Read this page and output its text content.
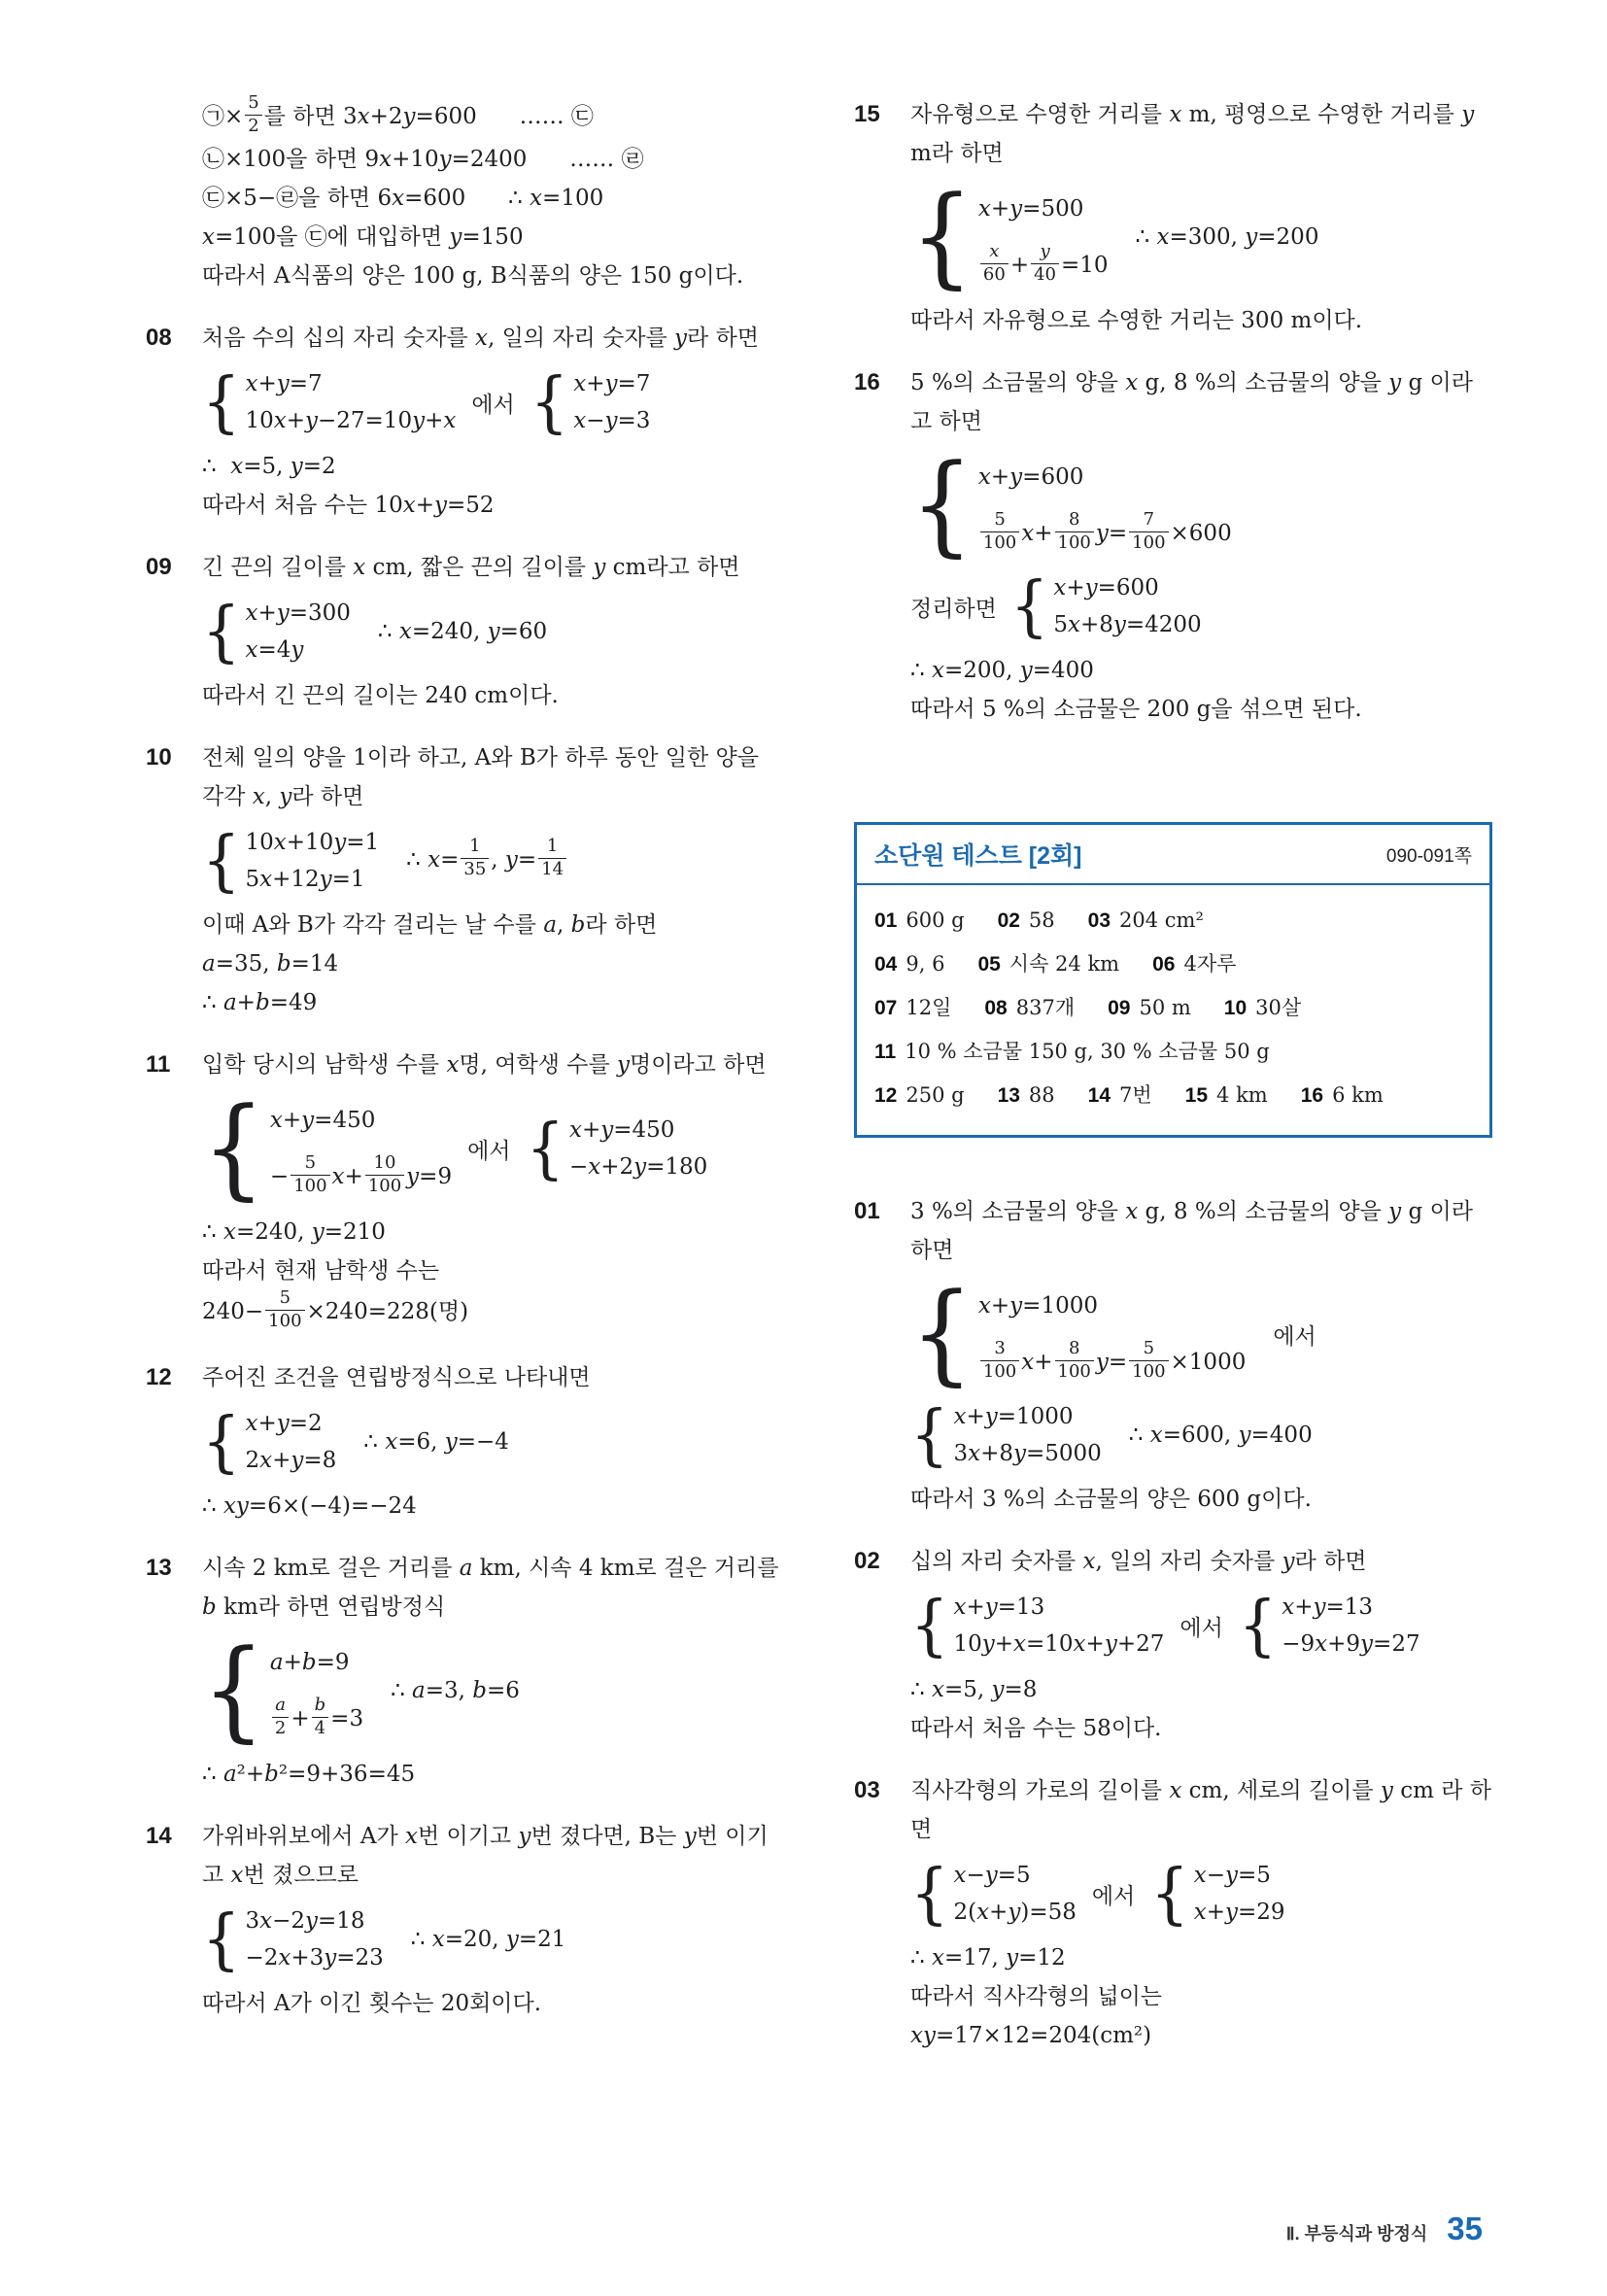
㉠× $\frac{5}{2}$ 를 하면 3x+2y=600      …… ㉢
㉡×100을 하면 9x+10y=2400      …… ㉣
㉢×5−㉣을 하면 6x=600      ∴ x=100
x=100을 ㉢에 대입하면 y=150
따라서 A식품의 양은 100 g, B식품의 양은 150 g이다.
08	처음 수의 십의 자리 숫자를 x, 일의 자리 숫자를 y라 하면
{ x+y=7
10x+y−27=10y+x
에서 { x+y=7
x−y=3
∴  x=5, y=2
따라서 처음 수는 10x+y=52
09	긴 끈의 길이를 x cm, 짧은 끈의 길이를 y cm라고 하면
{ x+y=300
x=4y
∴ x=240, y=60
따라서 긴 끈의 길이는 240 cm이다.
10	전체 일의 양을 1이라 하고, A와 B가 하루 동안 일한 양을 각각 x, y라 하면
{ 10x+10y=1
5x+12y=1
∴ $x= \frac{1}{35}$ , $y= \frac{1}{14}$
이때 A와 B가 각각 걸리는 날 수를 a, b라 하면
a=35, b=14
∴ a+b=49
11	입학 당시의 남학생 수를 x명, 여학생 수를 y명이라고 하면
{ x+y=450
− $\frac{5}{100} x+ \frac{10}{100} y=9$
에서 { x+y=450
−x+2y=180
∴ x=240, y=210
따라서 현재 남학생 수는
$240- \frac{5}{100} \times 240=228$(명)
12	주어진 조건을 연립방정식으로 나타내면
{ x+y=2
2x+y=8
∴ x=6, y=−4
∴ xy=6×(−4)=−24
13	시속 2 km로 걸은 거리를 a km, 시속 4 km로 걸은 거리를 b km라 하면 연립방정식
{ a+b=9
$\frac{a}{2} + \frac{b}{4} =3$
∴ a=3, b=6
∴ a²+b²=9+36=45
14	가위바위보에서 A가 x번 이기고 y번 졌다면, B는 y번 이기고 x번 졌으므로
{ 3x−2y=18
−2x+3y=23
∴ x=20, y=21
따라서 A가 이긴 횟수는 20회이다.
15	자유형으로 수영한 거리를 x m, 평영으로 수영한 거리를 y m라 하면
{ x+y=500
$\frac{x}{60} + \frac{y}{40} =10$
∴ x=300, y=200
따라서 자유형으로 수영한 거리는 300 m이다.
16	5 %의 소금물의 양을 x g, 8 %의 소금물의 양을 y g 이라고 하면
{ x+y=600
$\frac{5}{100} x+ \frac{8}{100} y= \frac{7}{100} \times 600$
정리하면 { x+y=600
5x+8y=4200
∴ x=200, y=400
따라서 5 %의 소금물은 200 g을 섞으면 된다.
소단원 테스트 [2회]	090-091쪽
01 600 g 02 58 03 204 cm²
04 9, 6 05 시속 24 km 06 4자루
07 12일 08 837개 09 50 m 10 30살
11 10 % 소금물 150 g, 30 % 소금물 50 g
12 250 g 13 88 14 7번 15 4 km 16 6 km
01	3 %의 소금물의 양을 x g, 8 %의 소금물의 양을 y g 이라 하면
{ x+y=1000
$\frac{3}{100} x+ \frac{8}{100} y= \frac{5}{100} \times 1000$
에서
{ x+y=1000
3x+8y=5000
∴ x=600, y=400
따라서 3 %의 소금물의 양은 600 g이다.
02	십의 자리 숫자를 x, 일의 자리 숫자를 y라 하면
{ x+y=13
10y+x=10x+y+27
에서 { x+y=13
−9x+9y=27
∴ x=5, y=8
따라서 처음 수는 58이다.
03	직사각형의 가로의 길이를 x cm, 세로의 길이를 y cm 라 하면
{ x−y=5
2(x+y)=58
에서 { x−y=5
x+y=29
∴ x=17, y=12
따라서 직사각형의 넓이는
xy=17×12=204(cm²)
Ⅱ. 부등식과 방정식 35
